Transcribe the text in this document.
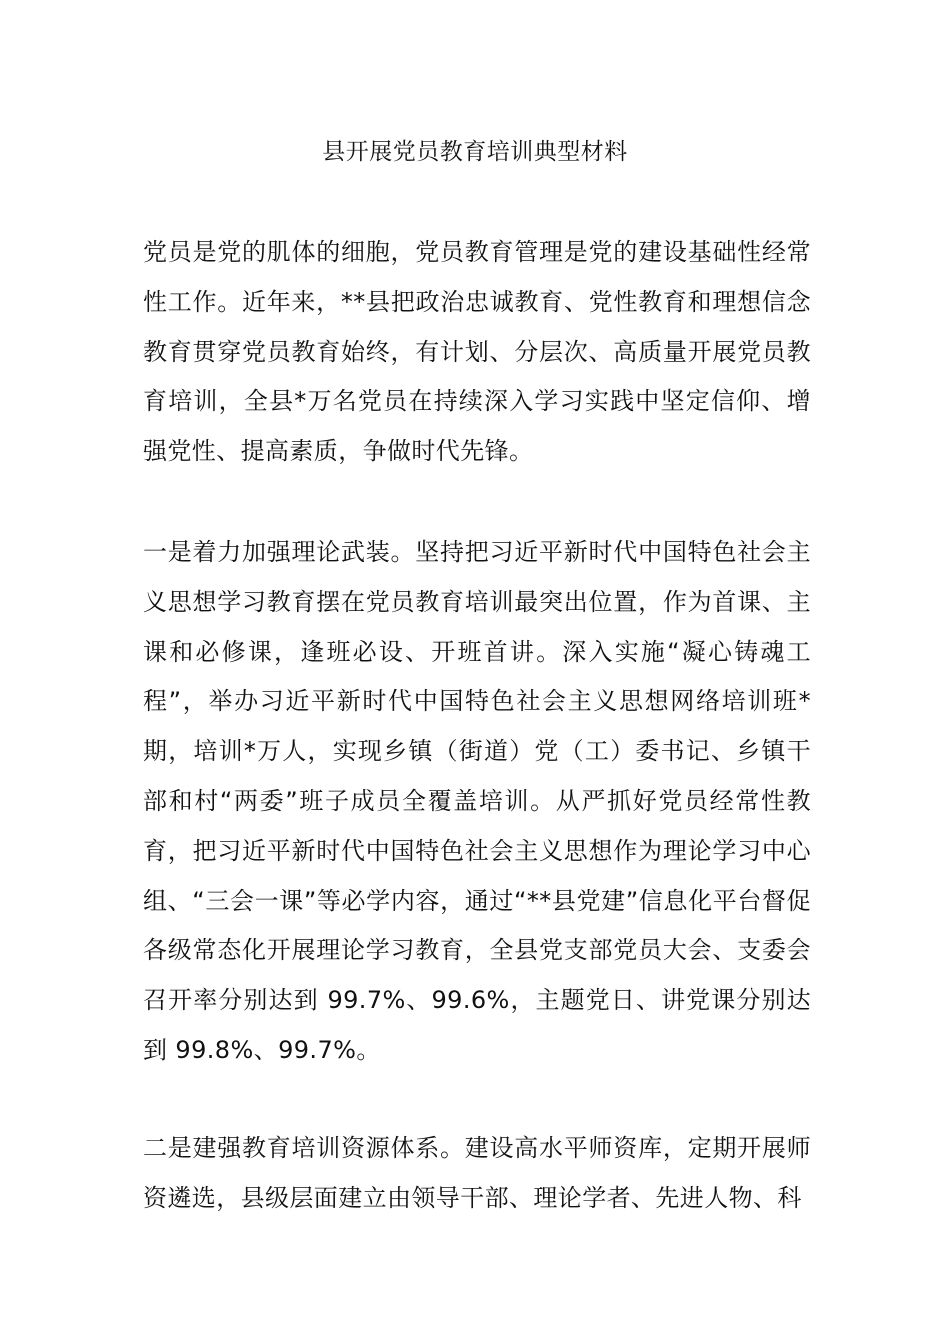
县开展党员教育培训典型材料

党员是党的肌体的细胞，党员教育管理是党的建设基础性经常性工作。近年来，**县把政治忠诚教育、党性教育和理想信念教育贯穿党员教育始终，有计划、分层次、高质量开展党员教育培训，全县*万名党员在持续深入学习实践中坚定信仰、增强党性、提高素质，争做时代先锋。

一是着力加强理论武装。坚持把习近平新时代中国特色社会主义思想学习教育摆在党员教育培训最突出位置，作为首课、主课和必修课，逢班必设、开班首讲。深入实施“凝心铸魂工程”，举办习近平新时代中国特色社会主义思想网络培训班*期，培训*万人，实现乡镇（街道）党（工）委书记、乡镇干部和村“两委”班子成员全覆盖培训。从严抓好党员经常性教育，把习近平新时代中国特色社会主义思想作为理论学习中心组、“三会一课”等必学内容，通过“**县党建”信息化平台督促各级常态化开展理论学习教育，全县党支部党员大会、支委会召开率分别达到 99.7%、99.6%，主题党日、讲党课分别达到 99.8%、99.7%。

二是建强教育培训资源体系。建设高水平师资库，定期开展师资遴选，县级层面建立由领导干部、理论学者、先进人物、科
